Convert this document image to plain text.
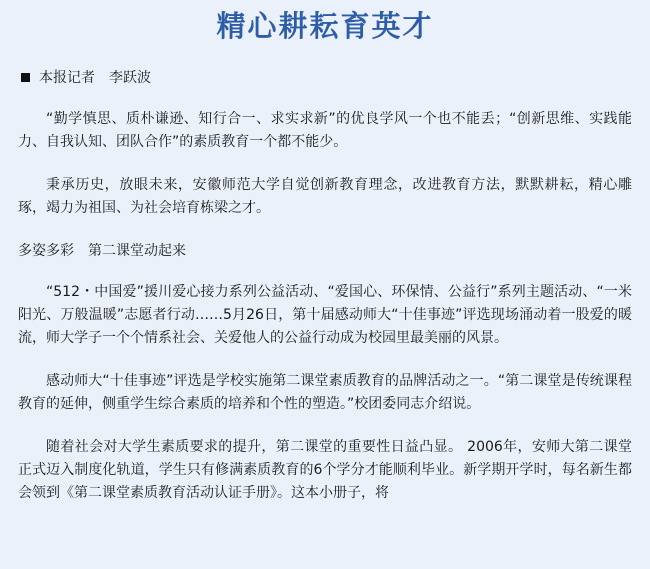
精心耕耘育英才
本报记者　李跃波

“勤学慎思、质朴谦逊、知行合一、求实求新”的优良学风一个也不能丢；“创新思维、实践能力、自我认知、团队合作”的素质教育一个都不能少。

秉承历史，放眼未来，安徽师范大学自觉创新教育理念，改进教育方法，默默耕耘，精心雕琢，竭力为祖国、为社会培育栋梁之才。

多姿多彩　第二课堂动起来

“512・中国爱”援川爱心接力系列公益活动、“爱国心、环保情、公益行”系列主题活动、“一米阳光、万般温暖”志愿者行动……5月26日，第十届感动师大“十佳事迹”评选现场涌动着一股爱的暖流，师大学子一个个情系社会、关爱他人的公益行动成为校园里最美丽的风景。

感动师大“十佳事迹”评选是学校实施第二课堂素质教育的品牌活动之一。“第二课堂是传统课程教育的延伸，侧重学生综合素质的培养和个性的塑造。”校团委同志介绍说。

随着社会对大学生素质要求的提升，第二课堂的重要性日益凸显。 2006年，安师大第二课堂正式迈入制度化轨道，学生只有修满素质教育的6个学分才能顺利毕业。新学期开学时，每名新生都会领到《第二课堂素质教育活动认证手册》。这本小册子，将
